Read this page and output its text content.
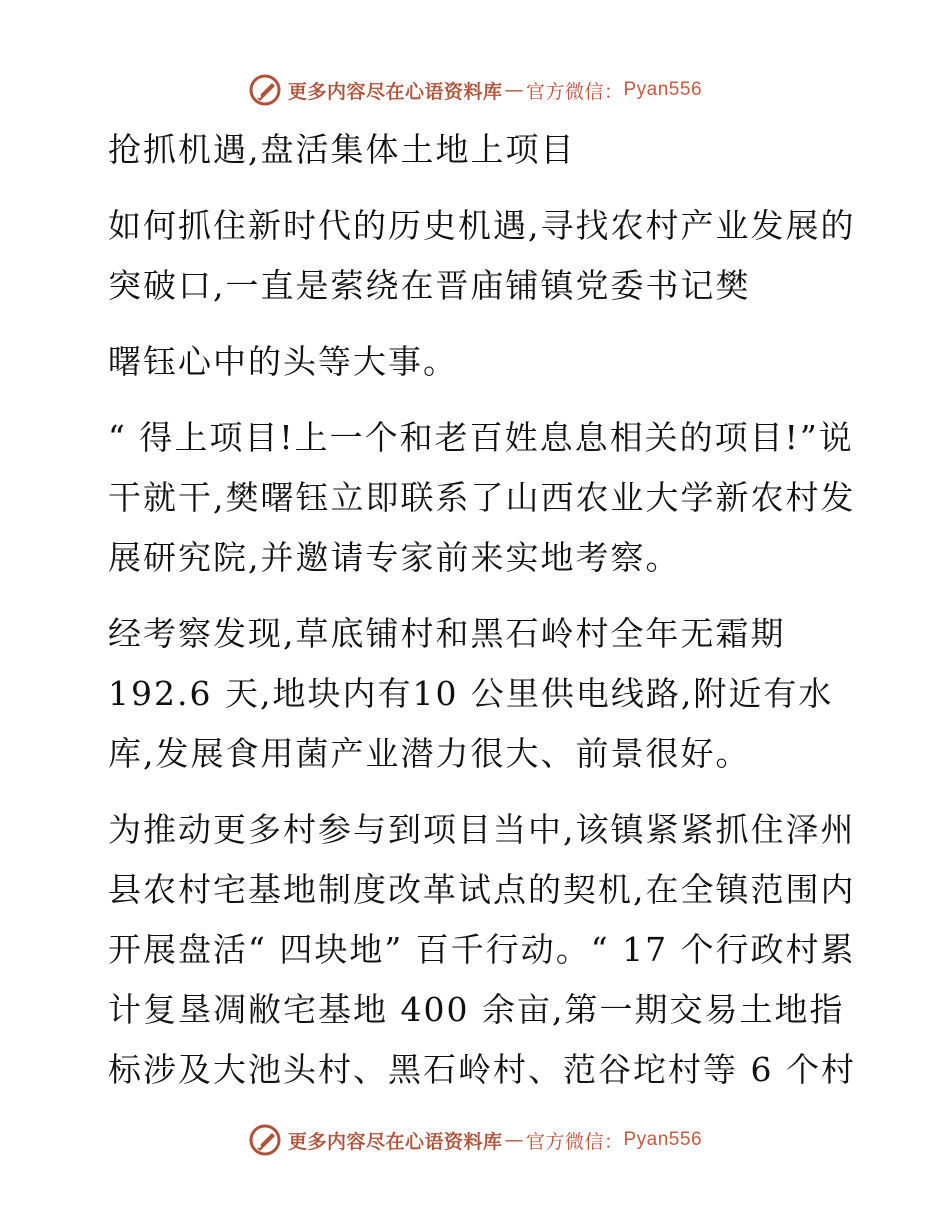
更多内容尽在心语资料库 — 官方微信： Pyan556

抢抓机遇,盘活集体土地上项目

如何抓住新时代的历史机遇,寻找农村产业发展的突破口,一直是萦绕在晋庙铺镇党委书记樊

曙钰心中的头等大事。

“ 得上项目!上一个和老百姓息息相关的项目!”说干就干,樊曙钰立即联系了山西农业大学新农村发展研究院,并邀请专家前来实地考察。

经考察发现,草底铺村和黑石岭村全年无霜期 192.6 天,地块内有10 公里供电线路,附近有水库,发展食用菌产业潜力很大、前景很好。

为推动更多村参与到项目当中,该镇紧紧抓住泽州县农村宅基地制度改革试点的契机,在全镇范围内开展盘活“ 四块地” 百千行动。“ 17 个行政村累计复垦凋敝宅基地 400 余亩,第一期交易土地指标涉及大池头村、黑石岭村、范谷坨村等 6 个村

更多内容尽在心语资料库 — 官方微信： Pyan556
